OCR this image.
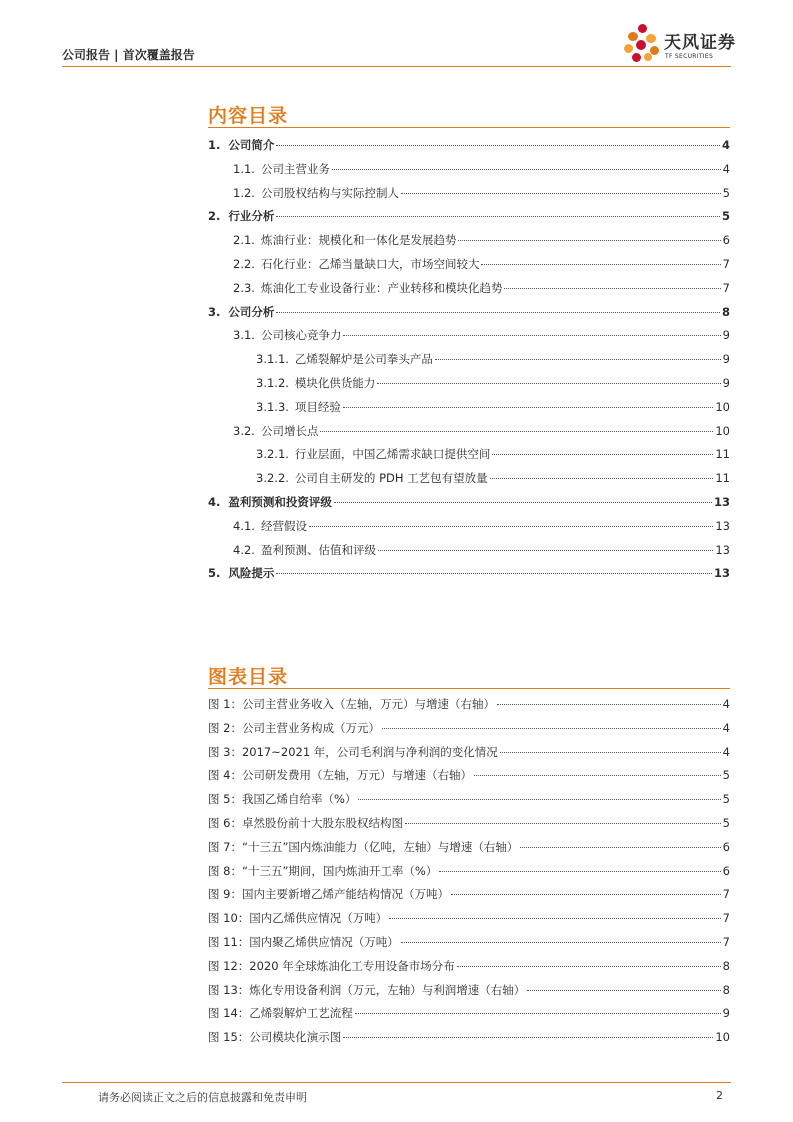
公司报告 | 首次覆盖报告
天风证券
TF SECURITIES
内容目录
1. 公司简介	4
1.1. 公司主营业务	4
1.2. 公司股权结构与实际控制人	5
2. 行业分析	5
2.1. 炼油行业：规模化和一体化是发展趋势	6
2.2. 石化行业：乙烯当量缺口大，市场空间较大	7
2.3. 炼油化工专业设备行业：产业转移和模块化趋势	7
3. 公司分析	8
3.1. 公司核心竞争力	9
3.1.1. 乙烯裂解炉是公司拳头产品	9
3.1.2. 模块化供货能力	9
3.1.3. 项目经验	10
3.2. 公司增长点	10
3.2.1. 行业层面，中国乙烯需求缺口提供空间	11
3.2.2. 公司自主研发的 PDH 工艺包有望放量	11
4. 盈利预测和投资评级	13
4.1. 经营假设	13
4.2. 盈利预测、估值和评级	13
5. 风险提示	13
图表目录
图 1： 公司主营业务收入（左轴，万元）与增速（右轴）	4
图 2： 公司主营业务构成（万元）	4
图 3： 2017~2021 年，公司毛利润与净利润的变化情况	4
图 4： 公司研发费用（左轴，万元）与增速（右轴）	5
图 5： 我国乙烯自给率（%）	5
图 6： 卓然股份前十大股东股权结构图	5
图 7： “十三五”国内炼油能力（亿吨，左轴）与增速（右轴）	6
图 8： “十三五”期间，国内炼油开工率（%）	6
图 9： 国内主要新增乙烯产能结构情况（万吨）	7
图 10： 国内乙烯供应情况（万吨）	7
图 11： 国内聚乙烯供应情况（万吨）	7
图 12： 2020 年全球炼油化工专用设备市场分布	8
图 13： 炼化专用设备利润（万元，左轴）与利润增速（右轴）	8
图 14： 乙烯裂解炉工艺流程	9
图 15： 公司模块化演示图	10
请务必阅读正文之后的信息披露和免责申明	2
